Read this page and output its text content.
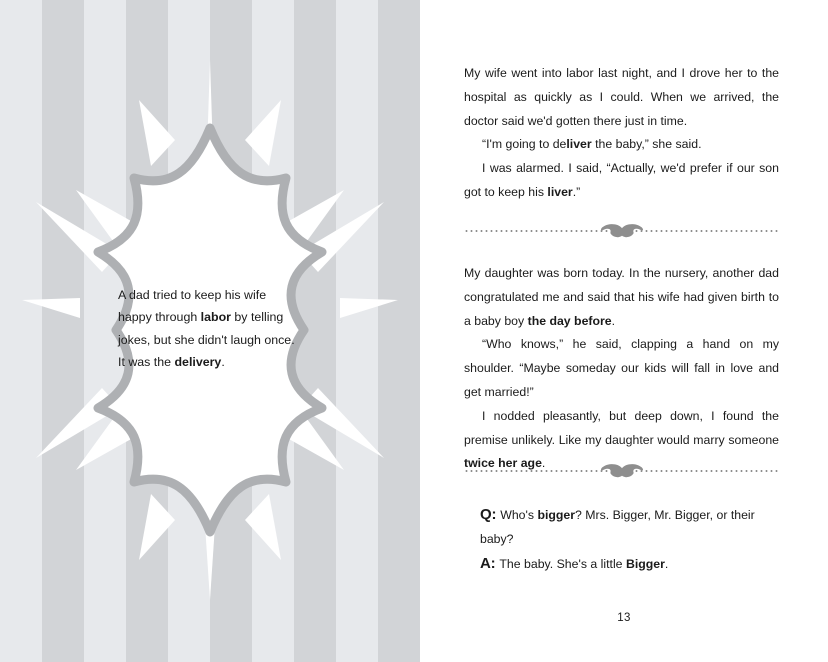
A dad tried to keep his wife happy through labor by telling jokes, but she didn't laugh once. It was the delivery.

My wife went into labor last night, and I drove her to the hospital as quickly as I could. When we arrived, the doctor said we'd gotten there just in time.

“I'm going to deliver the baby,” she said.

I was alarmed. I said, “Actually, we'd prefer if our son got to keep his liver.”

My daughter was born today. In the nursery, another dad congratulated me and said that his wife had given birth to a baby boy the day before.

“Who knows,” he said, clapping a hand on my shoulder. “Maybe someday our kids will fall in love and get married!”

I nodded pleasantly, but deep down, I found the premise unlikely. Like my daughter would marry someone twice her age.

Q: Who's bigger? Mrs. Bigger, Mr. Bigger, or their baby?

A: The baby. She's a little Bigger.

13
